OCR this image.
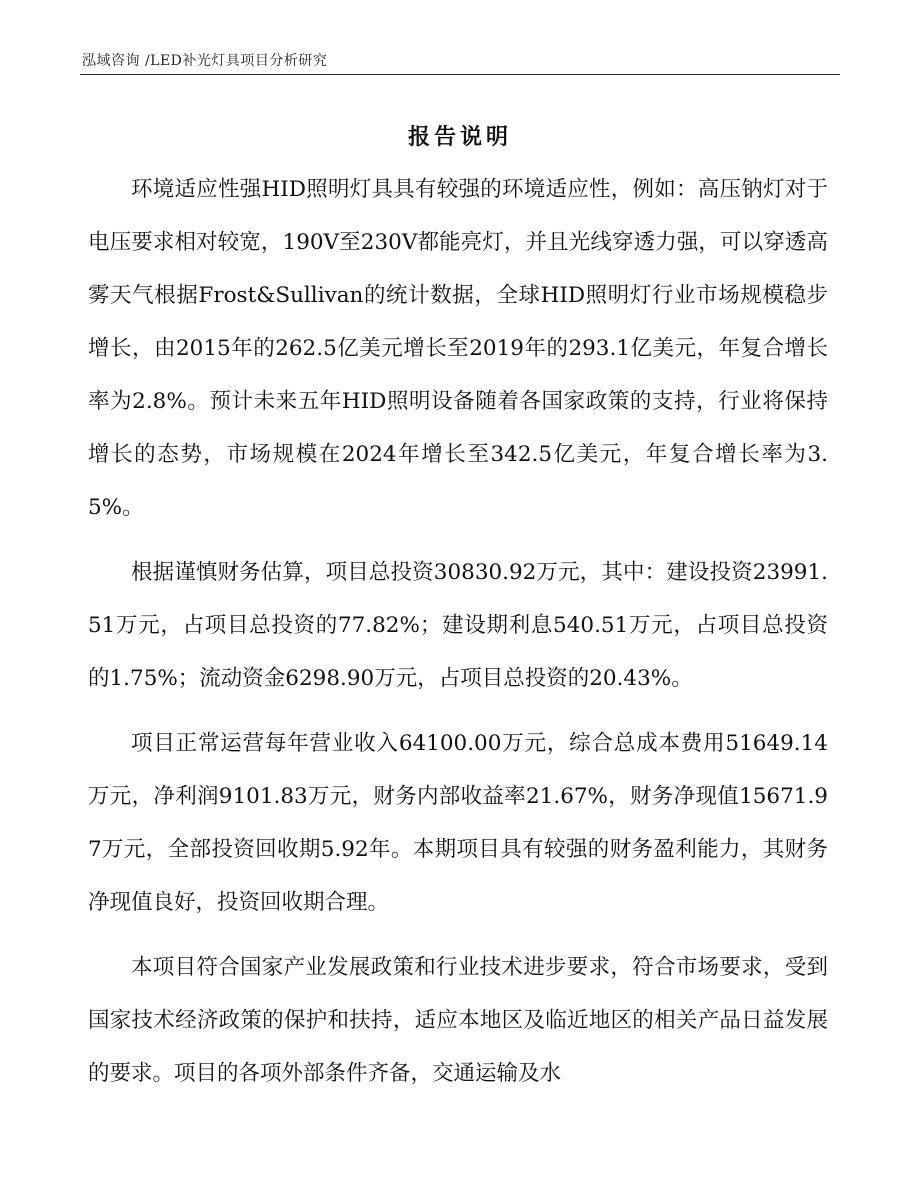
泓域咨询 /LED补光灯具项目分析研究
报告说明

环境适应性强HID照明灯具具有较强的环境适应性，例如：高压钠灯对于电压要求相对较宽，190V至230V都能亮灯，并且光线穿透力强，可以穿透高雾天气根据Frost&Sullivan的统计数据，全球HID照明灯行业市场规模稳步增长，由2015年的262.5亿美元增长至2019年的293.1亿美元，年复合增长率为2.8%。预计未来五年HID照明设备随着各国家政策的支持，行业将保持增长的态势，市场规模在2024年增长至342.5亿美元，年复合增长率为3.5%。

根据谨慎财务估算，项目总投资30830.92万元，其中：建设投资23991.51万元，占项目总投资的77.82%；建设期利息540.51万元，占项目总投资的1.75%；流动资金6298.90万元，占项目总投资的20.43%。

项目正常运营每年营业收入64100.00万元，综合总成本费用51649.14万元，净利润9101.83万元，财务内部收益率21.67%，财务净现值15671.97万元，全部投资回收期5.92年。本期项目具有较强的财务盈利能力，其财务净现值良好，投资回收期合理。

本项目符合国家产业发展政策和行业技术进步要求，符合市场要求，受到国家技术经济政策的保护和扶持，适应本地区及临近地区的相关产品日益发展的要求。项目的各项外部条件齐备，交通运输及水
